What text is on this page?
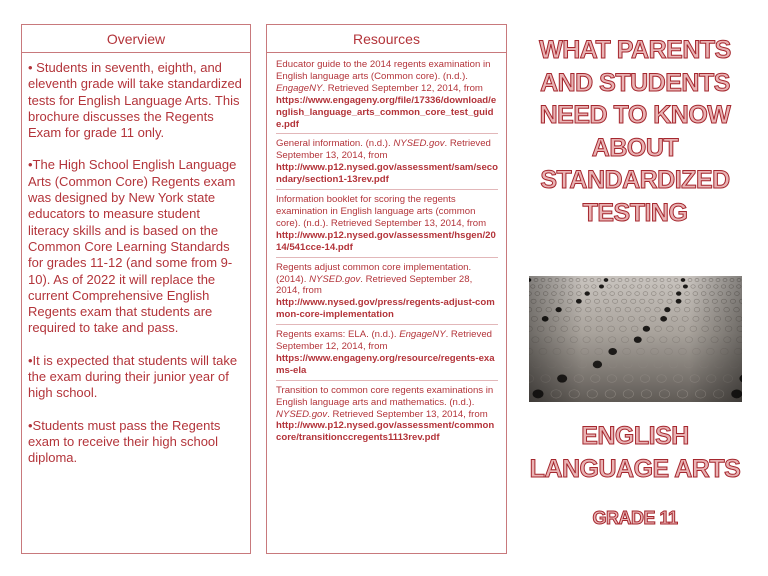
Overview

• Students in seventh, eighth, and eleventh grade will take standardized tests for English Language Arts. This brochure discusses the Regents Exam for grade 11 only.

•The High School English Language Arts (Common Core) Regents exam was designed by New York state educators to measure student literacy skills and is based on the Common Core Learning Standards for grades 11-12 (and some from 9-10). As of 2022 it will replace the current Comprehensive English Regents exam that students are required to take and pass.

•It is expected that students will take the exam during their junior year of high school.

•Students must pass the Regents exam to receive their high school diploma.

Resources
Educator guide to the 2014 regents examination in English language arts (Common core). (n.d.). EngageNY. Retrieved September 12, 2014, from
https://www.engageny.org/file/17336/download/english_language_arts_common_core_test_guide.pdf
General information. (n.d.). NYSED.gov. Retrieved September 13, 2014, from
http://www.p12.nysed.gov/assessment/sam/secondary/section1-13rev.pdf
Information booklet for scoring the regents examination in English language arts (common core). (n.d.). Retrieved September 13, 2014, from
http://www.p12.nysed.gov/assessment/hsgen/2014/541cce-14.pdf
Regents adjust common core implementation. (2014). NYSED.gov. Retrieved September 28, 2014, from
http://www.nysed.gov/press/regents-adjust-common-core-implementation
Regents exams: ELA. (n.d.). EngageNY. Retrieved September 12, 2014, from
https://www.engageny.org/resource/regents-exams-ela
Transition to common core regents examinations in English language arts and mathematics. (n.d.). NYSED.gov. Retrieved September 13, 2014, from
http://www.p12.nysed.gov/assessment/commoncore/transitionccregents1113rev.pdf
WHAT PARENTS
AND STUDENTS
NEED TO KNOW
ABOUT
STANDARDIZED
TESTING
ENGLISH
LANGUAGE ARTS
GRADE 11
